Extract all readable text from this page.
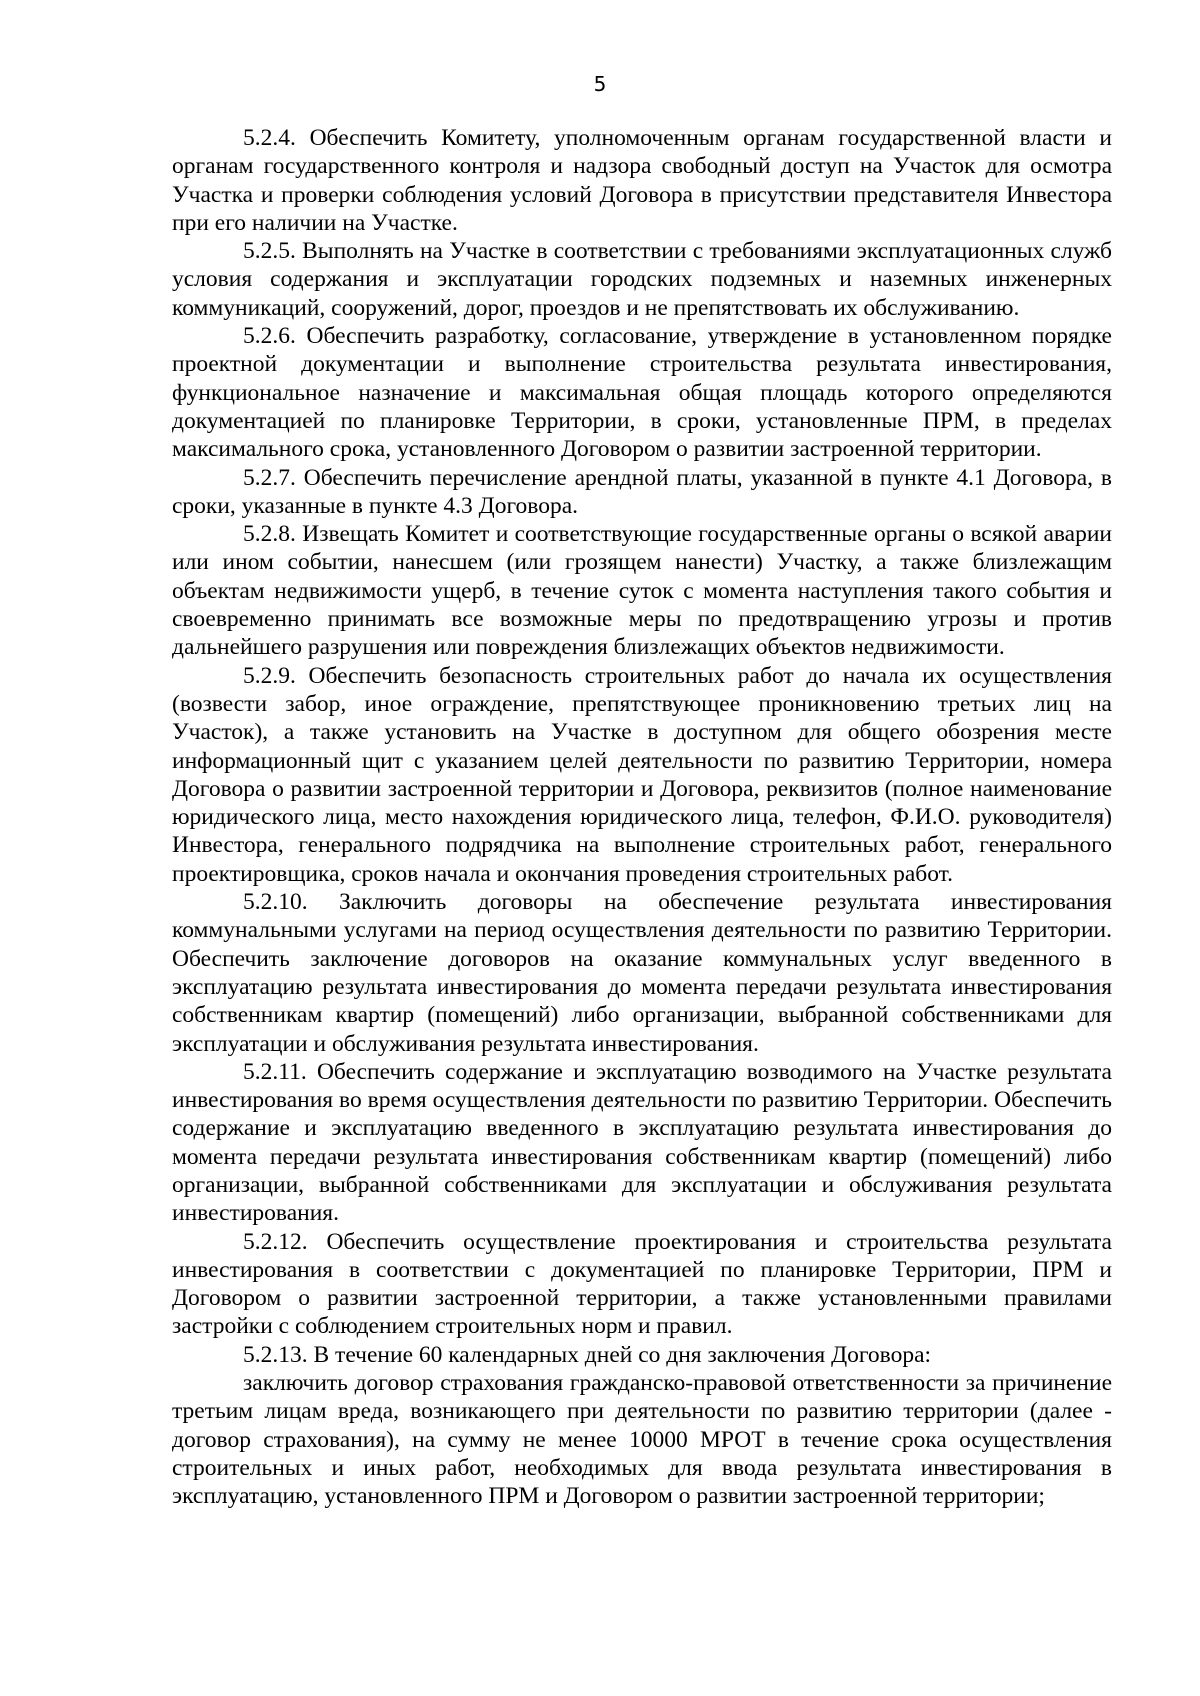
5

5.2.4. Обеспечить Комитету, уполномоченным органам государственной власти и органам государственного контроля и надзора свободный доступ на Участок для осмотра Участка и проверки соблюдения условий Договора в присутствии представителя Инвестора при его наличии на Участке.

5.2.5. Выполнять на Участке в соответствии с требованиями эксплуатационных служб условия содержания и эксплуатации городских подземных и наземных инженерных коммуникаций, сооружений, дорог, проездов и не препятствовать их обслуживанию.

5.2.6. Обеспечить разработку, согласование, утверждение в установленном порядке проектной документации и выполнение строительства результата инвестирования, функциональное назначение и максимальная общая площадь которого определяются документацией по планировке Территории, в сроки, установленные ПРМ, в пределах максимального срока, установленного Договором о развитии застроенной территории.

5.2.7. Обеспечить перечисление арендной платы, указанной в пункте 4.1 Договора, в сроки, указанные в пункте 4.3 Договора.

5.2.8. Извещать Комитет и соответствующие государственные органы о всякой аварии или ином событии, нанесшем (или грозящем нанести) Участку, а также близлежащим объектам недвижимости ущерб, в течение суток с момента наступления такого события и своевременно принимать все возможные меры по предотвращению угрозы и против дальнейшего разрушения или повреждения близлежащих объектов недвижимости.

5.2.9. Обеспечить безопасность строительных работ до начала их осуществления (возвести забор, иное ограждение, препятствующее проникновению третьих лиц на Участок), а также установить на Участке в доступном для общего обозрения месте информационный щит с указанием целей деятельности по развитию Территории, номера Договора о развитии застроенной территории и Договора, реквизитов (полное наименование юридического лица, место нахождения юридического лица, телефон, Ф.И.О. руководителя) Инвестора, генерального подрядчика на выполнение строительных работ, генерального проектировщика, сроков начала и окончания проведения строительных работ.

5.2.10. Заключить договоры на обеспечение результата инвестирования коммунальными услугами на период осуществления деятельности по развитию Территории. Обеспечить заключение договоров на оказание коммунальных услуг введенного в эксплуатацию результата инвестирования до момента передачи результата инвестирования собственникам квартир (помещений) либо организации, выбранной собственниками для эксплуатации и обслуживания результата инвестирования.

5.2.11. Обеспечить содержание и эксплуатацию возводимого на Участке результата инвестирования во время осуществления деятельности по развитию Территории. Обеспечить содержание и эксплуатацию введенного в эксплуатацию результата инвестирования до момента передачи результата инвестирования собственникам квартир (помещений) либо организации, выбранной собственниками для эксплуатации и обслуживания результата инвестирования.

5.2.12. Обеспечить осуществление проектирования и строительства результата инвестирования в соответствии с документацией по планировке Территории, ПРМ и Договором о развитии застроенной территории, а также установленными правилами застройки с соблюдением строительных норм и правил.

5.2.13. В течение 60 календарных дней со дня заключения Договора:

заключить договор страхования гражданско-правовой ответственности за причинение третьим лицам вреда, возникающего при деятельности по развитию территории (далее - договор страхования), на сумму не менее 10000 МРОТ в течение срока осуществления строительных и иных работ, необходимых для ввода результата инвестирования в эксплуатацию, установленного ПРМ и Договором о развитии застроенной территории;
